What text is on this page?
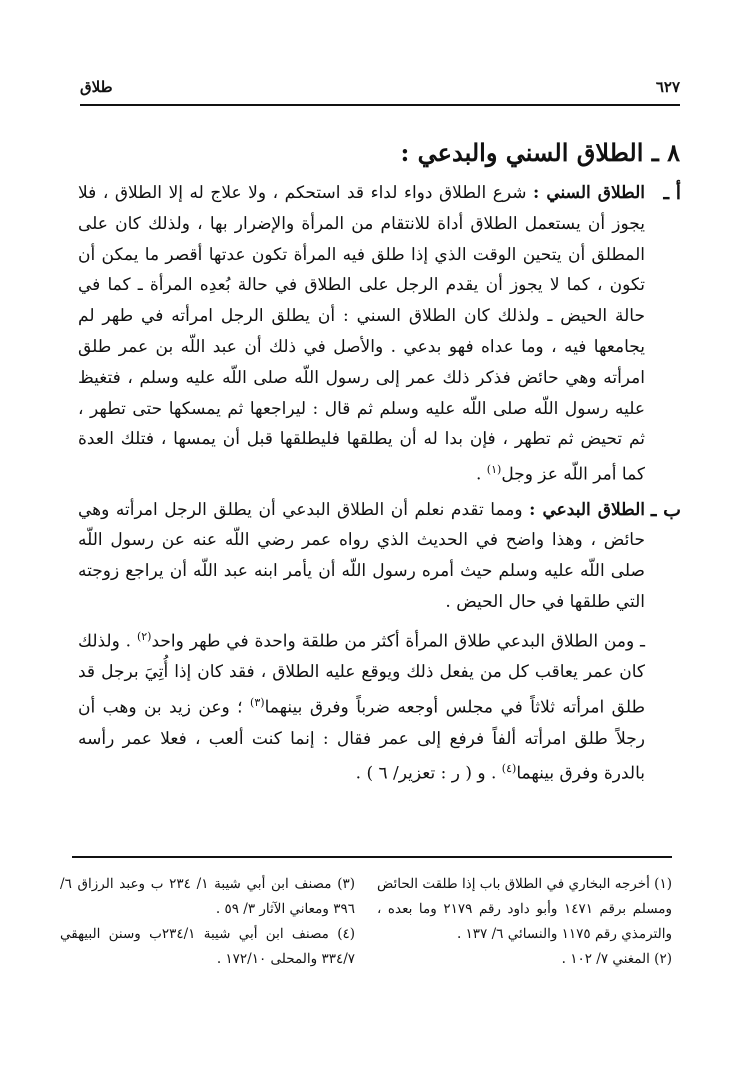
٦٢٧
طلاق
٨ ـ الطلاق السني والبدعي :
أ ـ

الطلاق السني : شرع الطلاق دواء لداء قد استحكم ، ولا علاج له إلا الطلاق ، فلا يجوز أن يستعمل الطلاق أداة للانتقام من المرأة والإضرار بها ، ولذلك كان على المطلق أن يتحين الوقت الذي إذا طلق فيه المرأة تكون عدتها أقصر ما يمكن أن تكون ، كما لا يجوز أن يقدم الرجل على الطلاق في حالة بُعدِه المرأة ـ كما في حالة الحيض ـ ولذلك كان الطلاق السني : أن يطلق الرجل امرأته في طهر لم يجامعها فيه ، وما عداه فهو بدعي . والأصل في ذلك أن عبد اللّه بن عمر طلق امرأته وهي حائض فذكر ذلك عمر إلى رسول اللّه صلى اللّه عليه وسلم ، فتغيظ عليه رسول اللّه صلى اللّه عليه وسلم ثم قال : ليراجعها ثم يمسكها حتى تطهر ، ثم تحيض ثم تطهر ، فإن بدا له أن يطلقها فليطلقها قبل أن يمسها ، فتلك العدة كما أمر اللّه عز وجل$^{(١)}$ .

ب ـ

الطلاق البدعي : ومما تقدم نعلم أن الطلاق البدعي أن يطلق الرجل امرأته وهي حائض ، وهذا واضح في الحديث الذي رواه عمر رضي اللّه عنه عن رسول اللّه صلى اللّه عليه وسلم حيث أمره رسول اللّه أن يأمر ابنه عبد اللّه أن يراجع زوجته التي طلقها في حال الحيض .

ـ ومن الطلاق البدعي طلاق المرأة أكثر من طلقة واحدة في طهر واحد$^{(٢)}$ . ولذلك كان عمر يعاقب كل من يفعل ذلك ويوقع عليه الطلاق ، فقد كان إذا أُتِيَ برجل قد طلق امرأته ثلاثاً في مجلس أوجعه ضرباً وفرق بينهما$^{(٣)}$ ؛ وعن زيد بن وهب أن رجلاً طلق امرأته ألفاً فرفع إلى عمر فقال : إنما كنت ألعب ، فعلا عمر رأسه بالدرة وفرق بينهما$^{(٤)}$ . و ( ر : تعزير/ ٦ ) .

(١) أخرجه البخاري في الطلاق باب إذا طلقت الحائض ومسلم برقم ١٤٧١ وأبو داود رقم ٢١٧٩ وما بعده ، والترمذي رقم ١١٧٥ والنسائي ٦/ ١٣٧ .

(٢) المغني ٧/ ١٠٢ .

(٣) مصنف ابن أبي شيبة ١/ ٢٣٤ ب وعبد الرزاق ٦/ ٣٩٦ ومعاني الآثار ٣/ ٥٩ .

(٤) مصنف ابن أبي شيبة ٢٣٤/١ب وسنن البيهقي ٣٣٤/٧ والمحلى ١٧٢/١٠ .
